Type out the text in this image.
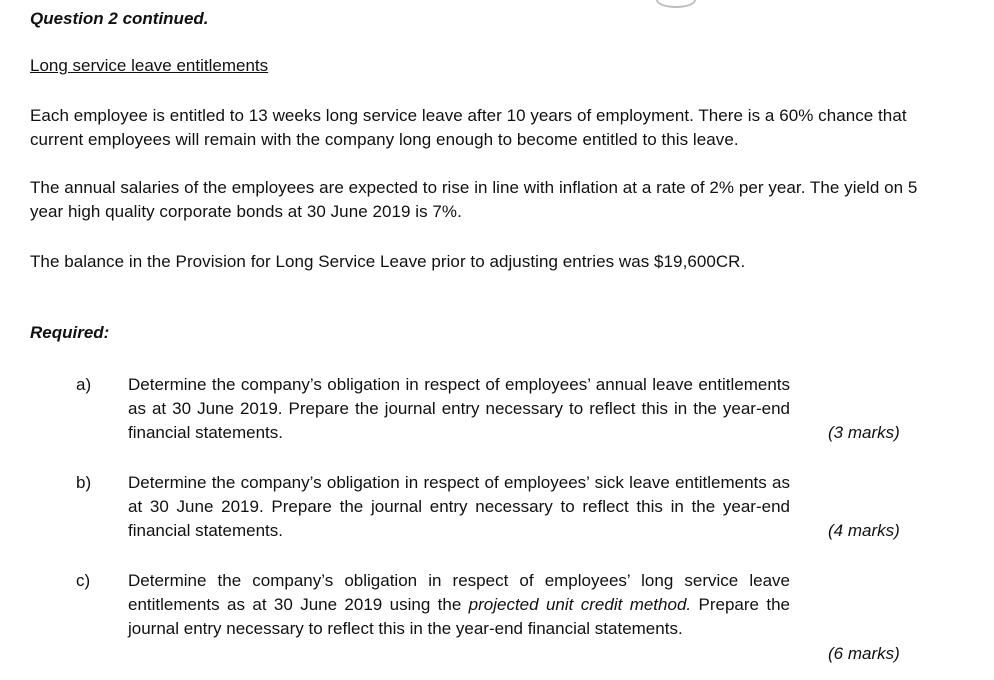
Question 2 continued.

Long service leave entitlements

Each employee is entitled to 13 weeks long service leave after 10 years of employment. There is a 60% chance that current employees will remain with the company long enough to become entitled to this leave.

The annual salaries of the employees are expected to rise in line with inflation at a rate of 2% per year. The yield on 5 year high quality corporate bonds at 30 June 2019 is 7%.

The balance in the Provision for Long Service Leave prior to adjusting entries was $19,600CR.

Required:

a) Determine the company’s obligation in respect of employees’ annual leave entitlements as at 30 June 2019. Prepare the journal entry necessary to reflect this in the year-end financial statements.	(3 marks)
b) Determine the company’s obligation in respect of employees’ sick leave entitlements as at 30 June 2019. Prepare the journal entry necessary to reflect this in the year-end financial statements.	(4 marks)
c) Determine the company’s obligation in respect of employees’ long service leave entitlements as at 30 June 2019 using the projected unit credit method. Prepare the journal entry necessary to reflect this in the year-end financial statements.

(6 marks)
